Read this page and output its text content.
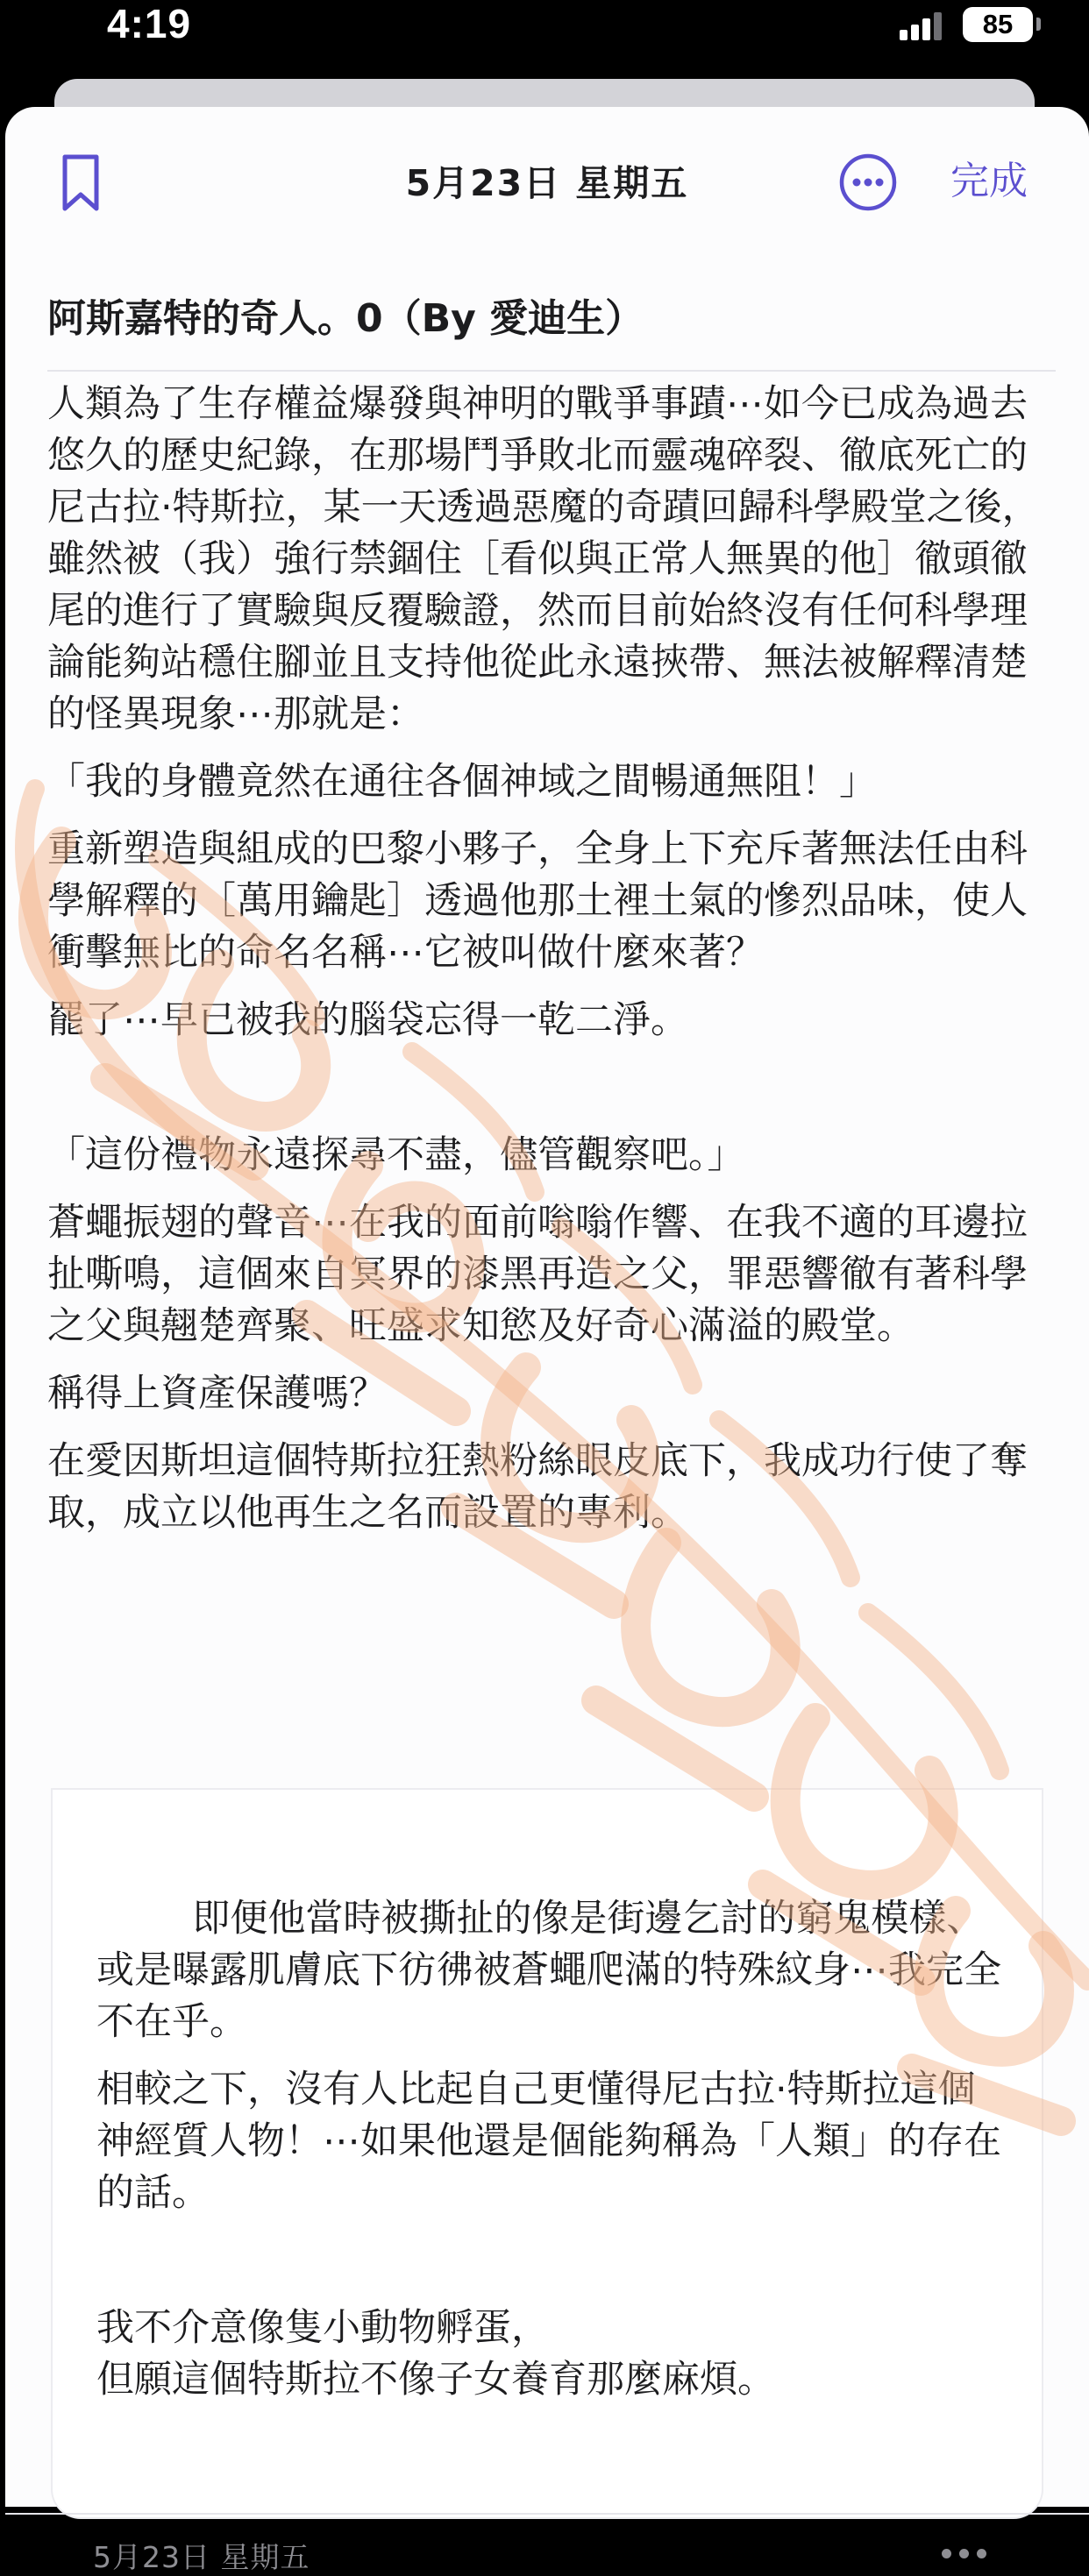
4:19	85
5月23日 星期五	完成
阿斯嘉特的奇人。0（By 愛迪生）

人類為了生存權益爆發與神明的戰爭事蹟⋯如今已成為過去悠久的歷史紀錄，在那場鬥爭敗北而靈魂碎裂、徹底死亡的尼古拉·特斯拉，某一天透過惡魔的奇蹟回歸科學殿堂之後，雖然被（我）強行禁錮住［看似與正常人無異的他］徹頭徹尾的進行了實驗與反覆驗證，然而目前始終沒有任何科學理論能夠站穩住腳並且支持他從此永遠挾帶、無法被解釋清楚的怪異現象⋯那就是：

「我的身體竟然在通往各個神域之間暢通無阻！」

重新塑造與組成的巴黎小夥子，全身上下充斥著無法任由科學解釋的［萬用鑰匙］透過他那土裡土氣的慘烈品味，使人衝擊無比的命名名稱⋯它被叫做什麼來著？

罷了⋯早已被我的腦袋忘得一乾二淨。

「這份禮物永遠探尋不盡，儘管觀察吧。」

蒼蠅振翅的聲音⋯在我的面前嗡嗡作響、在我不適的耳邊拉扯嘶鳴，這個來自冥界的漆黑再造之父，罪惡響徹有著科學之父與翹楚齊聚、旺盛求知慾及好奇心滿溢的殿堂。

稱得上資產保護嗎？

在愛因斯坦這個特斯拉狂熱粉絲眼皮底下，我成功行使了奪取，成立以他再生之名而設置的專利。

即便他當時被撕扯的像是街邊乞討的窮鬼模樣、或是曝露肌膚底下彷彿被蒼蠅爬滿的特殊紋身⋯我完全不在乎。

相較之下，沒有人比起自己更懂得尼古拉·特斯拉這個神經質人物！⋯如果他還是個能夠稱為「人類」的存在的話。

我不介意像隻小動物孵蛋，

但願這個特斯拉不像子女養育那麼麻煩。

5月23日 星期五
